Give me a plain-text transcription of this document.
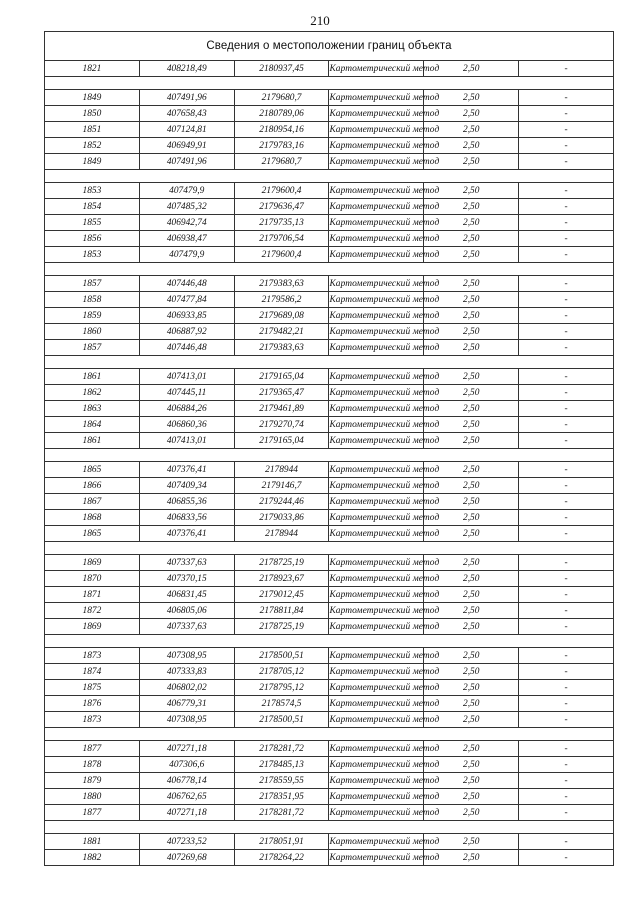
210
Сведения о местоположении границ объекта					
1821	408218,49	2180937,45	Картометрический метод	2,50	-

1849	407491,96	2179680,7	Картометрический метод	2,50	-
1850	407658,43	2180789,06	Картометрический метод	2,50	-
1851	407124,81	2180954,16	Картометрический метод	2,50	-
1852	406949,91	2179783,16	Картометрический метод	2,50	-
1849	407491,96	2179680,7	Картометрический метод	2,50	-

1853	407479,9	2179600,4	Картометрический метод	2,50	-
1854	407485,32	2179636,47	Картометрический метод	2,50	-
1855	406942,74	2179735,13	Картометрический метод	2,50	-
1856	406938,47	2179706,54	Картометрический метод	2,50	-
1853	407479,9	2179600,4	Картометрический метод	2,50	-

1857	407446,48	2179383,63	Картометрический метод	2,50	-
1858	407477,84	2179586,2	Картометрический метод	2,50	-
1859	406933,85	2179689,08	Картометрический метод	2,50	-
1860	406887,92	2179482,21	Картометрический метод	2,50	-
1857	407446,48	2179383,63	Картометрический метод	2,50	-

1861	407413,01	2179165,04	Картометрический метод	2,50	-
1862	407445,11	2179365,47	Картометрический метод	2,50	-
1863	406884,26	2179461,89	Картометрический метод	2,50	-
1864	406860,36	2179270,74	Картометрический метод	2,50	-
1861	407413,01	2179165,04	Картометрический метод	2,50	-

1865	407376,41	2178944	Картометрический метод	2,50	-
1866	407409,34	2179146,7	Картометрический метод	2,50	-
1867	406855,36	2179244,46	Картометрический метод	2,50	-
1868	406833,56	2179033,86	Картометрический метод	2,50	-
1865	407376,41	2178944	Картометрический метод	2,50	-

1869	407337,63	2178725,19	Картометрический метод	2,50	-
1870	407370,15	2178923,67	Картометрический метод	2,50	-
1871	406831,45	2179012,45	Картометрический метод	2,50	-
1872	406805,06	2178811,84	Картометрический метод	2,50	-
1869	407337,63	2178725,19	Картометрический метод	2,50	-

1873	407308,95	2178500,51	Картометрический метод	2,50	-
1874	407333,83	2178705,12	Картометрический метод	2,50	-
1875	406802,02	2178795,12	Картометрический метод	2,50	-
1876	406779,31	2178574,5	Картометрический метод	2,50	-
1873	407308,95	2178500,51	Картометрический метод	2,50	-

1877	407271,18	2178281,72	Картометрический метод	2,50	-
1878	407306,6	2178485,13	Картометрический метод	2,50	-
1879	406778,14	2178559,55	Картометрический метод	2,50	-
1880	406762,65	2178351,95	Картометрический метод	2,50	-
1877	407271,18	2178281,72	Картометрический метод	2,50	-

1881	407233,52	2178051,91	Картометрический метод	2,50	-
1882	407269,68	2178264,22	Картометрический метод	2,50	-
